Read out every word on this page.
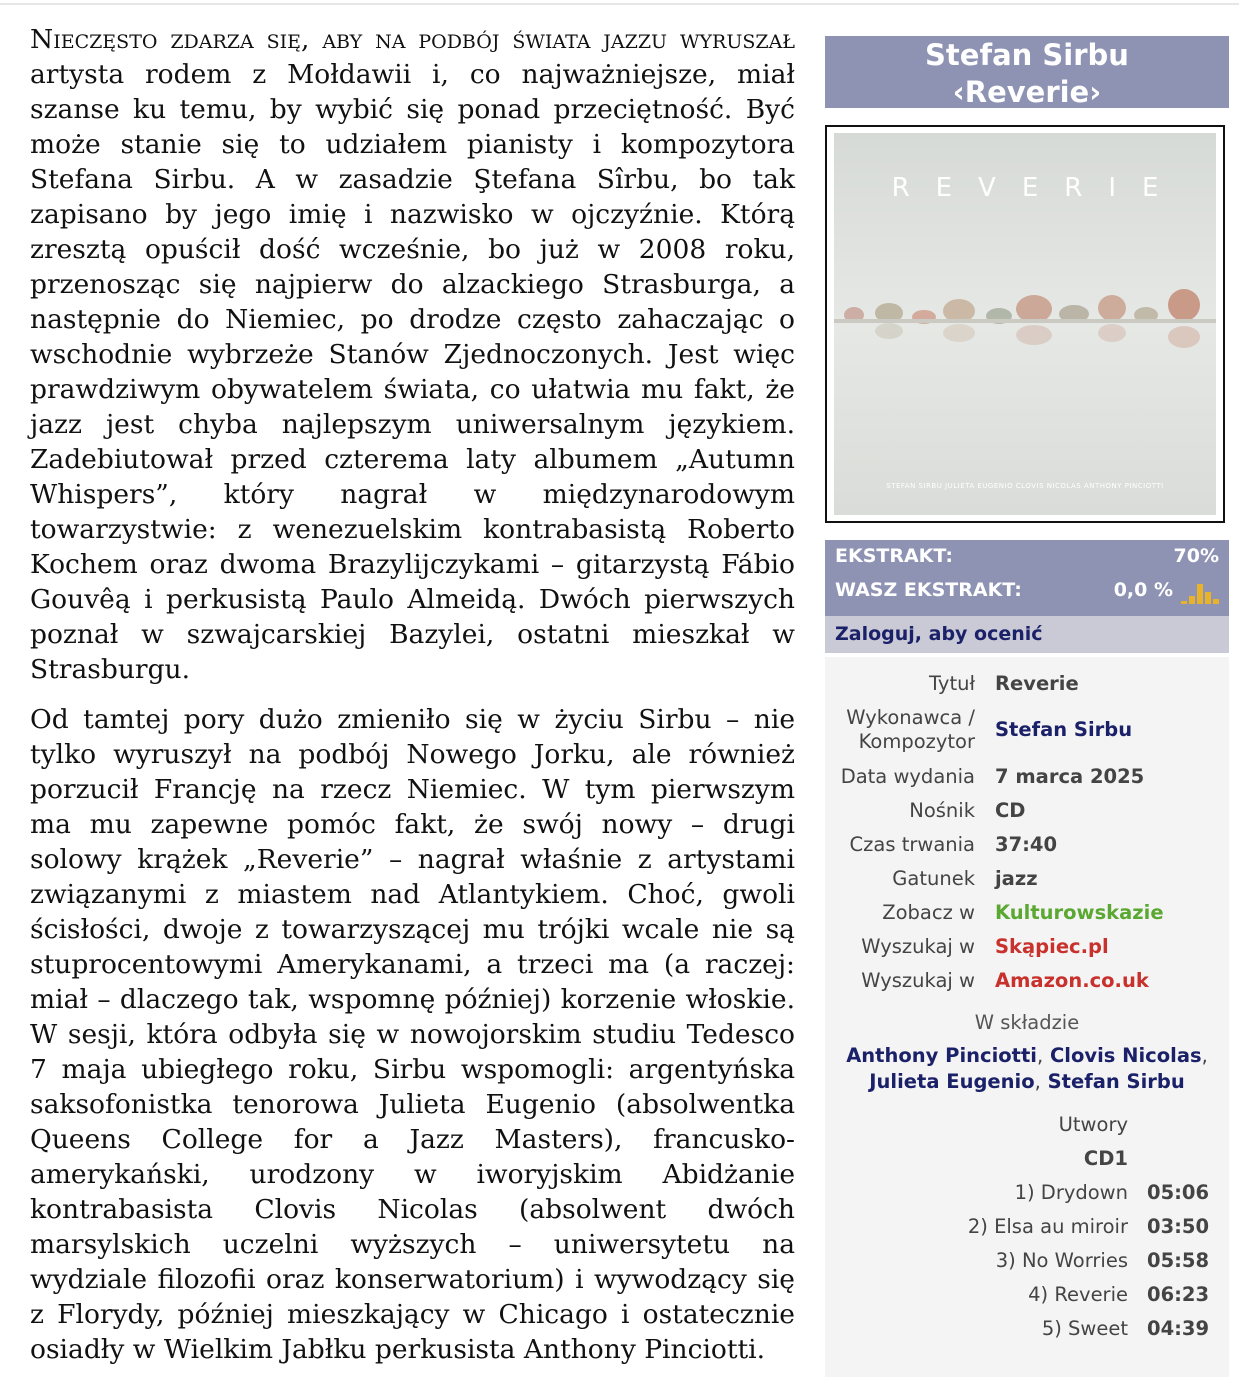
Nieczęsto zdarza się, aby na podbój świata jazzu wyruszał artysta rodem z Mołdawii i, co najważniejsze, miał szanse ku temu, by wybić się ponad przeciętność. Być może stanie się to udziałem pianisty i kompozytora Stefana Sirbu. A w zasadzie Ştefana Sîrbu, bo tak zapisano by jego imię i nazwisko w ojczyźnie. Którą zresztą opuścił dość wcześnie, bo już w 2008 roku, przenosząc się najpierw do alzackiego Strasburga, a następnie do Niemiec, po drodze często zahaczając o wschodnie wybrzeże Stanów Zjednoczonych. Jest więc prawdziwym obywatelem świata, co ułatwia mu fakt, że jazz jest chyba najlepszym uniwersalnym językiem. Zadebiutował przed czterema laty albumem „Autumn Whispers”, który nagrał w międzynarodowym towarzystwie: z wenezuelskim kontrabasistą Roberto Kochem oraz dwoma Brazylijczykami – gitarzystą Fábio Gouvêą i perkusistą Paulo Almeidą. Dwóch pierwszych poznał w szwajcarskiej Bazylei, ostatni mieszkał w Strasburgu.

Od tamtej pory dużo zmieniło się w życiu Sirbu – nie tylko wyruszył na podbój Nowego Jorku, ale również porzucił Francję na rzecz Niemiec. W tym pierwszym ma mu zapewne pomóc fakt, że swój nowy – drugi solowy krążek „Reverie” – nagrał właśnie z artystami związanymi z miastem nad Atlantykiem. Choć, gwoli ścisłości, dwoje z towarzyszącej mu trójki wcale nie są stuprocentowymi Amerykanami, a trzeci ma (a raczej: miał – dlaczego tak, wspomnę później) korzenie włoskie. W sesji, która odbyła się w nowojorskim studiu Tedesco 7 maja ubiegłego roku, Sirbu wspomogli: argentyńska saksofonistka tenorowa Julieta Eugenio (absolwentka Queens College for a Jazz Masters), francusko-amerykański, urodzony w iworyjskim Abidżanie kontrabasista Clovis Nicolas (absolwent dwóch marsylskich uczelni wyższych – uniwersytetu na wydziale filozofii oraz konserwatorium) i wywodzący się z Florydy, później mieszkający w Chicago i ostatecznie osiadły w Wielkim Jabłku perkusista Anthony Pinciotti.

Stefan Sirbu
‹Reverie›
REVERIE
STEFAN SIRBU JULIETA EUGENIO CLOVIS NICOLAS ANTHONY PINCIOTTI
EKSTRAKT:	70%
WASZ EKSTRAKT:	0,0 %
Zaloguj, aby ocenić
Tytuł Reverie
Wykonawca /
Kompozytor
Stefan Sirbu
Data wydania 7 marca 2025
Nośnik CD
Czas trwania 37:40
Gatunek jazz
Zobacz w Kulturowskazie
Wyszukaj w Skąpiec.pl
Wyszukaj w Amazon.co.uk
W składzie
Anthony Pinciotti, Clovis Nicolas,
Julieta Eugenio, Stefan Sirbu
Utwory
CD1
1) Drydown 05:06
2) Elsa au miroir 03:50
3) No Worries 05:58
4) Reverie 06:23
5) Sweet 04:39
